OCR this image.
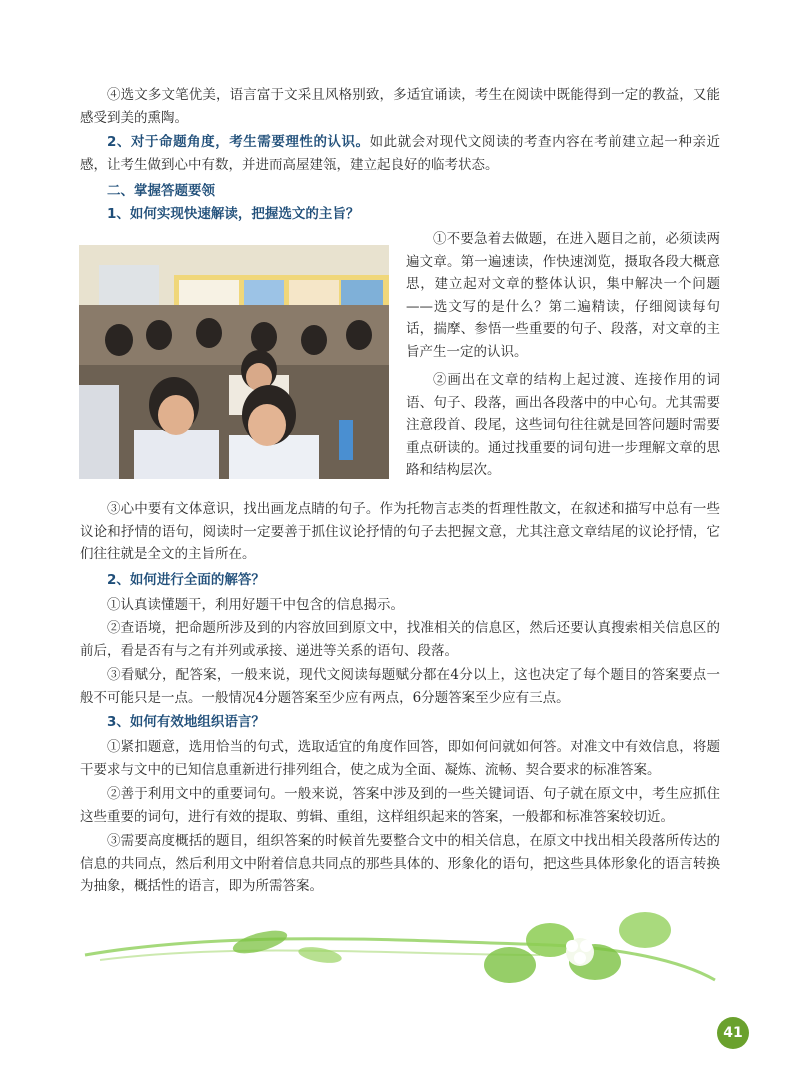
④选文多文笔优美，语言富于文采且风格别致，多适宜诵读，考生在阅读中既能得到一定的教益，又能感受到美的熏陶。

2、对于命题角度，考生需要理性的认识。如此就会对现代文阅读的考查内容在考前建立起一种亲近感，让考生做到心中有数，并进而高屋建瓴，建立起良好的临考状态。

二、掌握答题要领
1、如何实现快速解读，把握选文的主旨？

①不要急着去做题，在进入题目之前，必须读两遍文章。第一遍速读，作快速浏览，摄取各段大概意思，建立起对文章的整体认识，集中解决一个问题——选文写的是什么？第二遍精读，仔细阅读每句话，揣摩、参悟一些重要的句子、段落，对文章的主旨产生一定的认识。

②画出在文章的结构上起过渡、连接作用的词语、句子、段落，画出各段落中的中心句。尤其需要注意段首、段尾，这些词句往往就是回答问题时需要重点研读的。通过找重要的词句进一步理解文章的思路和结构层次。

③心中要有文体意识，找出画龙点睛的句子。作为托物言志类的哲理性散文，在叙述和描写中总有一些议论和抒情的语句，阅读时一定要善于抓住议论抒情的句子去把握文意，尤其注意文章结尾的议论抒情，它们往往就是全文的主旨所在。

2、如何进行全面的解答？

①认真读懂题干，利用好题干中包含的信息揭示。

②查语境，把命题所涉及到的内容放回到原文中，找准相关的信息区，然后还要认真搜索相关信息区的前后，看是否有与之有并列或承接、递进等关系的语句、段落。

③看赋分，配答案，一般来说，现代文阅读每题赋分都在4分以上，这也决定了每个题目的答案要点一般不可能只是一点。一般情况4分题答案至少应有两点，6分题答案至少应有三点。

3、如何有效地组织语言？

①紧扣题意，选用恰当的句式，选取适宜的角度作回答，即如何问就如何答。对准文中有效信息，将题干要求与文中的已知信息重新进行排列组合，使之成为全面、凝炼、流畅、契合要求的标准答案。

②善于利用文中的重要词句。一般来说，答案中涉及到的一些关键词语、句子就在原文中，考生应抓住这些重要的词句，进行有效的提取、剪辑、重组，这样组织起来的答案，一般都和标准答案较切近。

③需要高度概括的题目，组织答案的时候首先要整合文中的相关信息，在原文中找出相关段落所传达的信息的共同点，然后利用文中附着信息共同点的那些具体的、形象化的语句，把这些具体形象化的语言转换为抽象，概括性的语言，即为所需答案。

41
